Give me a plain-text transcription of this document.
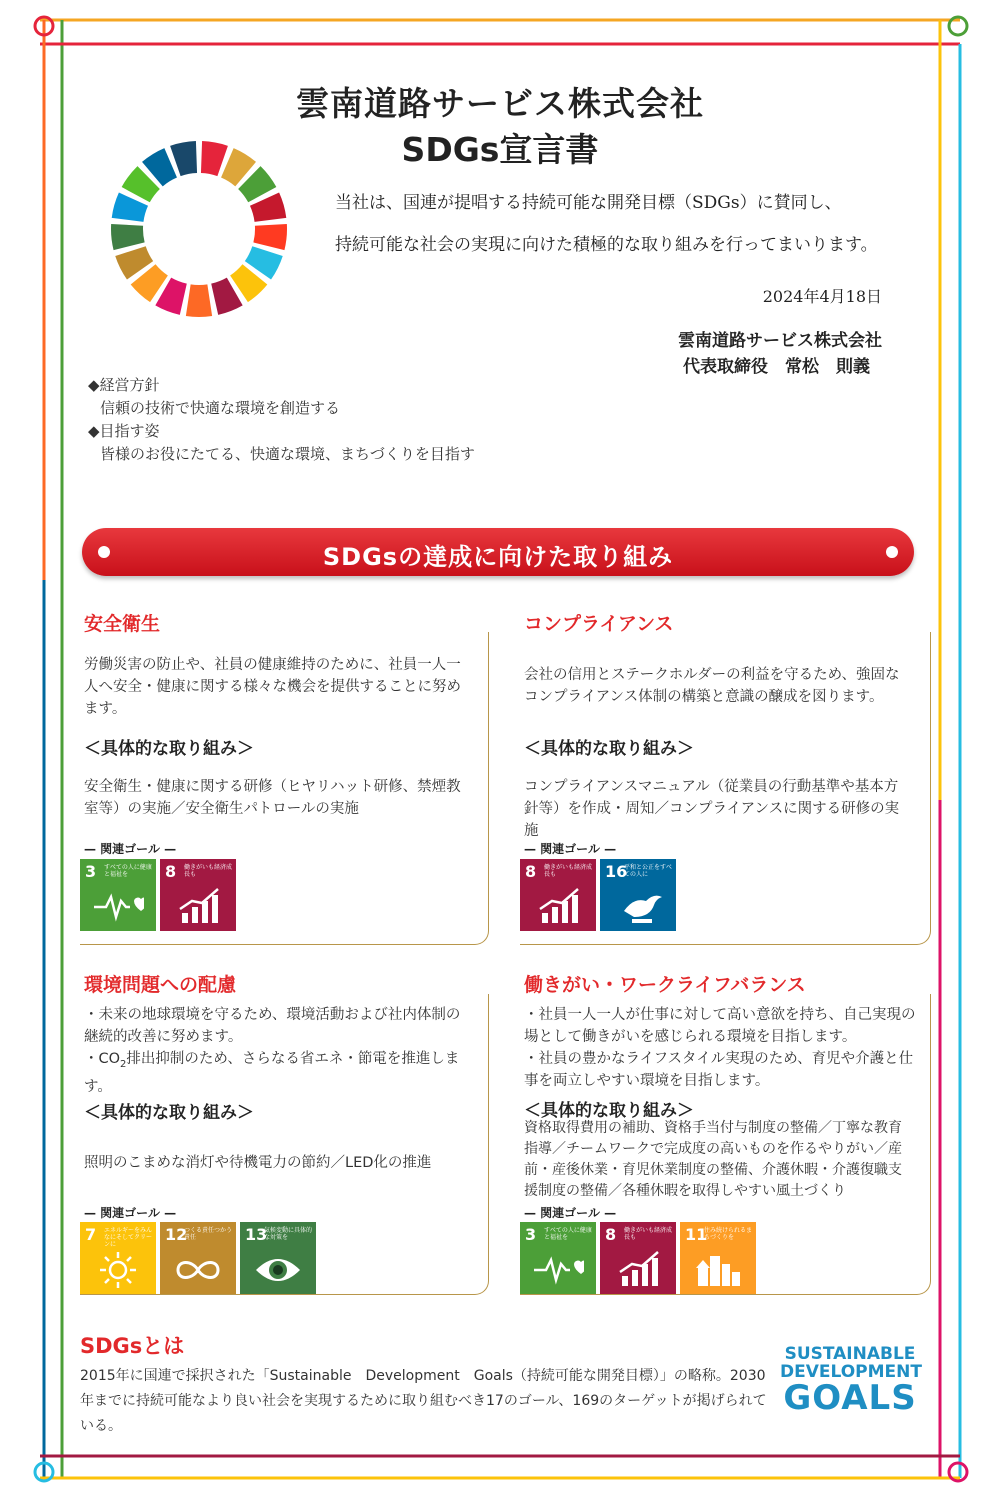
雲南道路サービス株式会社
SDGs宣言書
当社は、国連が提唱する持続可能な開発目標（SDGs）に賛同し、
持続可能な社会の実現に向けた積極的な取り組みを行ってまいります。
2024年4月18日
雲南道路サービス株式会社
代表取締役　常松　則義
◆経営方針
信頼の技術で快適な環境を創造する
◆目指す姿
皆様のお役にたてる、快適な環境、まちづくりを目指す
SDGsの達成に向けた取り組み
安全衛生
労働災害の防止や、社員の健康維持のために、社員一人一人へ安全・健康に関する様々な機会を提供することに努めます。
＜具体的な取り組み＞
安全衛生・健康に関する研修（ヒヤリハット研修、禁煙教室等）の実施／安全衛生パトロールの実施
— 関連ゴール —
3 すべての人に健康と福祉を	8 働きがいも経済成長も
コンプライアンス
会社の信用とステークホルダーの利益を守るため、強固なコンプライアンス体制の構築と意識の醸成を図ります。
＜具体的な取り組み＞
コンプライアンスマニュアル（従業員の行動基準や基本方針等）を作成・周知／コンプライアンスに関する研修の実施
— 関連ゴール —
8 働きがいも経済成長も	16
平和と公正をすべての人に
環境問題への配慮
・未来の地球環境を守るため、環境活動および社内体制の継続的改善に努めます。
・$CO_2$排出抑制のため、さらなる省エネ・節電を推進します。
＜具体的な取り組み＞
照明のこまめな消灯や待機電力の節約／LED化の推進
— 関連ゴール —
7 エネルギーをみんなにそしてクリーンに
12
つくる責任つかう責任	13
気候変動に具体的な対策を
働きがい・ワークライフバランス
・社員一人一人が仕事に対して高い意欲を持ち、自己実現の場として働きがいを感じられる環境を目指します。
・社員の豊かなライフスタイル実現のため、育児や介護と仕事を両立しやすい環境を目指します。
＜具体的な取り組み＞
資格取得費用の補助、資格手当付与制度の整備／丁寧な教育指導／チームワークで完成度の高いものを作るやりがい／産前・産後休業・育児休業制度の整備、介護休暇・介護復職支援制度の整備／各種休暇を取得しやすい風土づくり
— 関連ゴール —
3 すべての人に健康と福祉を	8 働きがいも経済成長も	11
住み続けられるまちづくりを
SDGsとは
2015年に国連で採択された「Sustainable　Development　Goals（持続可能な開発目標）」の略称。2030年までに持続可能なより良い社会を実現するために取り組むべき17のゴール、169のターゲットが掲げられている。
SUSTAINABLE
DEVELOPMENT
GOALS
